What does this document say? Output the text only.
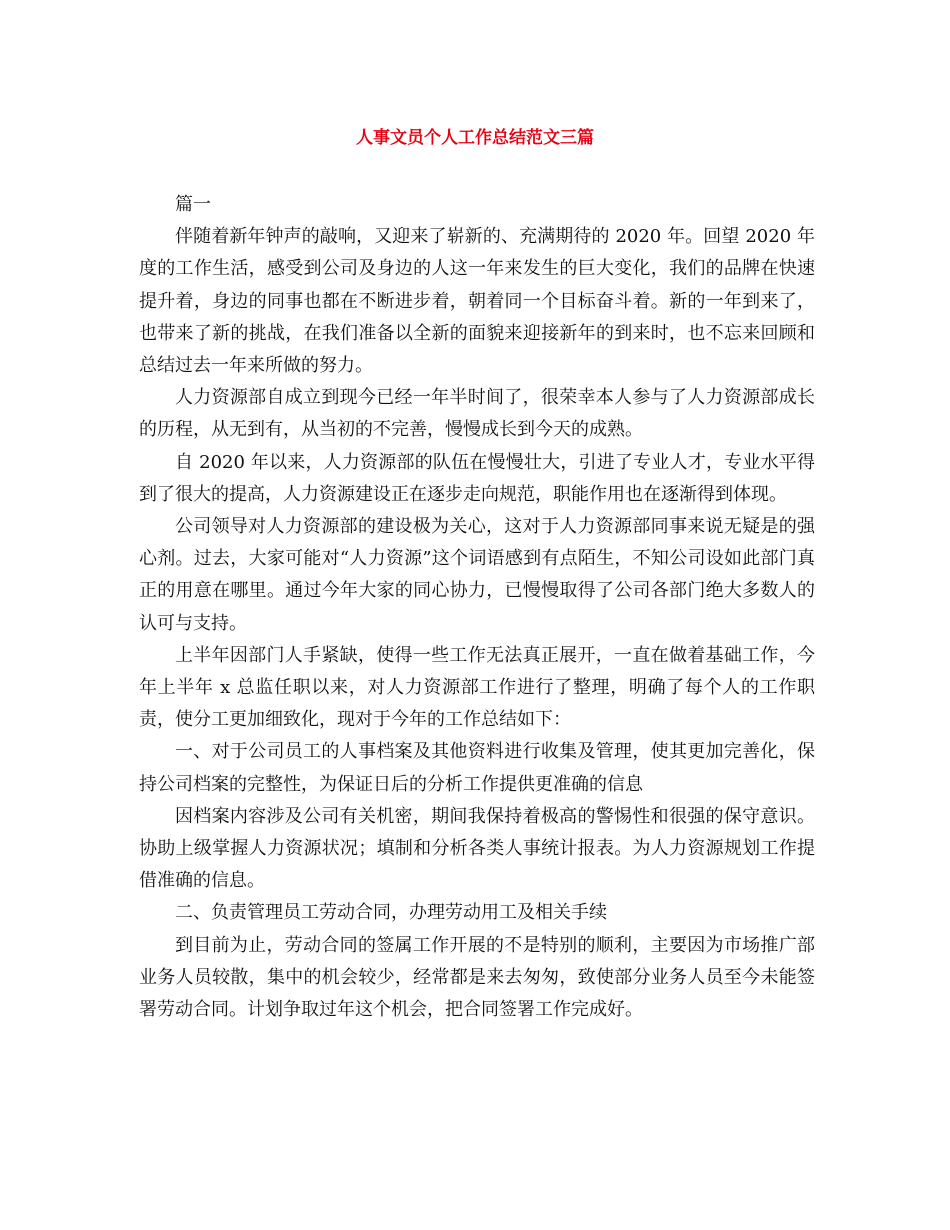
人事文员个人工作总结范文三篇

篇一

伴随着新年钟声的敲响，又迎来了崭新的、充满期待的 2020 年。回望 2020 年度的工作生活，感受到公司及身边的人这一年来发生的巨大变化，我们的品牌在快速提升着，身边的同事也都在不断进步着，朝着同一个目标奋斗着。新的一年到来了，也带来了新的挑战，在我们准备以全新的面貌来迎接新年的到来时，也不忘来回顾和总结过去一年来所做的努力。

人力资源部自成立到现今已经一年半时间了，很荣幸本人参与了人力资源部成长的历程，从无到有，从当初的不完善，慢慢成长到今天的成熟。

自 2020 年以来，人力资源部的队伍在慢慢壮大，引进了专业人才，专业水平得到了很大的提高，人力资源建设正在逐步走向规范，职能作用也在逐渐得到体现。

公司领导对人力资源部的建设极为关心，这对于人力资源部同事来说无疑是的强心剂。过去，大家可能对“人力资源”这个词语感到有点陌生，不知公司设如此部门真正的用意在哪里。通过今年大家的同心协力，已慢慢取得了公司各部门绝大多数人的认可与支持。

上半年因部门人手紧缺，使得一些工作无法真正展开，一直在做着基础工作，今年上半年 x 总监任职以来，对人力资源部工作进行了整理，明确了每个人的工作职责，使分工更加细致化，现对于今年的工作总结如下：

一、对于公司员工的人事档案及其他资料进行收集及管理，使其更加完善化，保持公司档案的完整性，为保证日后的分析工作提供更准确的信息

因档案内容涉及公司有关机密，期间我保持着极高的警惕性和很强的保守意识。协助上级掌握人力资源状况；填制和分析各类人事统计报表。为人力资源规划工作提借准确的信息。

二、负责管理员工劳动合同，办理劳动用工及相关手续

到目前为止，劳动合同的签属工作开展的不是特别的顺利，主要因为市场推广部业务人员较散，集中的机会较少，经常都是来去匆匆，致使部分业务人员至今未能签署劳动合同。计划争取过年这个机会，把合同签署工作完成好。
